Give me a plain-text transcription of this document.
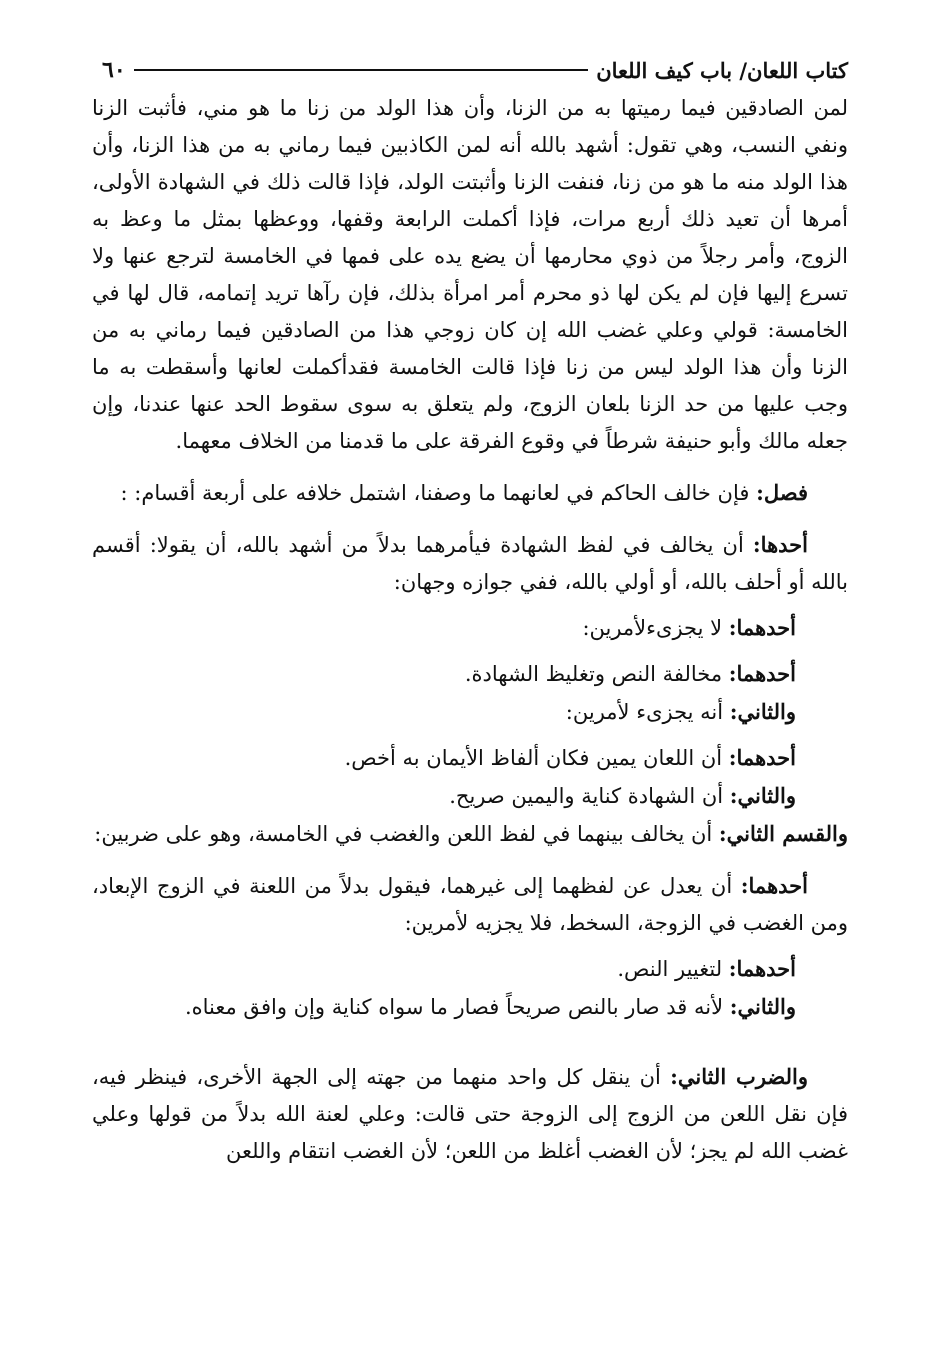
كتاب اللعان/ باب كيف اللعان
٦٠

لمن الصادقين فيما رميتها به من الزنا، وأن هذا الولد من زنا ما هو مني، فأثبت الزنا ونفي النسب، وهي تقول: أشهد بالله أنه لمن الكاذبين فيما رماني به من هذا الزنا، وأن هذا الولد منه ما هو من زنا، فنفت الزنا وأثبتت الولد، فإذا قالت ذلك في الشهادة الأولى، أمرها أن تعيد ذلك أربع مرات، فإذا أكملت الرابعة وقفها، ووعظها بمثل ما وعظ به الزوج، وأمر رجلاً من ذوي محارمها أن يضع يده على فمها في الخامسة لترجع عنها ولا تسرع إليها فإن لم يكن لها ذو محرم أمر امرأة بذلك، فإن رآها تريد إتمامه، قال لها في الخامسة: قولي وعلي غضب الله إن كان زوجي هذا من الصادقين فيما رماني به من الزنا وأن هذا الولد ليس من زنا فإذا قالت الخامسة فقدأكملت لعانها وأسقطت به ما وجب عليها من حد الزنا بلعان الزوج، ولم يتعلق به سوى سقوط الحد عنها عندنا، وإن جعله مالك وأبو حنيفة شرطاً في وقوع الفرقة على ما قدمنا من الخلاف معهما.

فصل: فإن خالف الحاكم في لعانهما ما وصفنا، اشتمل خلافه على أربعة أقسام: :

أحدها: أن يخالف في لفظ الشهادة فيأمرهما بدلاً من أشهد بالله، أن يقولا: أقسم بالله أو أحلف بالله، أو أولي بالله، ففي جوازه وجهان:

أحدهما: لا يجزىءلأمرين:

أحدهما: مخالفة النص وتغليظ الشهادة.

والثاني: أنه يجزىء لأمرين:

أحدهما: أن اللعان يمين فكان ألفاظ الأيمان به أخص.

والثاني: أن الشهادة كناية واليمين صريح.

والقسم الثاني: أن يخالف بينهما في لفظ اللعن والغضب في الخامسة، وهو على ضربين:

أحدهما: أن يعدل عن لفظهما إلى غيرهما، فيقول بدلاً من اللعنة في الزوج الإبعاد، ومن الغضب في الزوجة، السخط، فلا يجزيه لأمرين:

أحدهما: لتغيير النص.

والثاني: لأنه قد صار بالنص صريحاً فصار ما سواه كناية وإن وافق معناه.

والضرب الثاني: أن ينقل كل واحد منهما من جهته إلى الجهة الأخرى، فينظر فيه، فإن نقل اللعن من الزوج إلى الزوجة حتى قالت: وعلي لعنة الله بدلاً من قولها وعلي غضب الله لم يجز؛ لأن الغضب أغلظ من اللعن؛ لأن الغضب انتقام واللعن
